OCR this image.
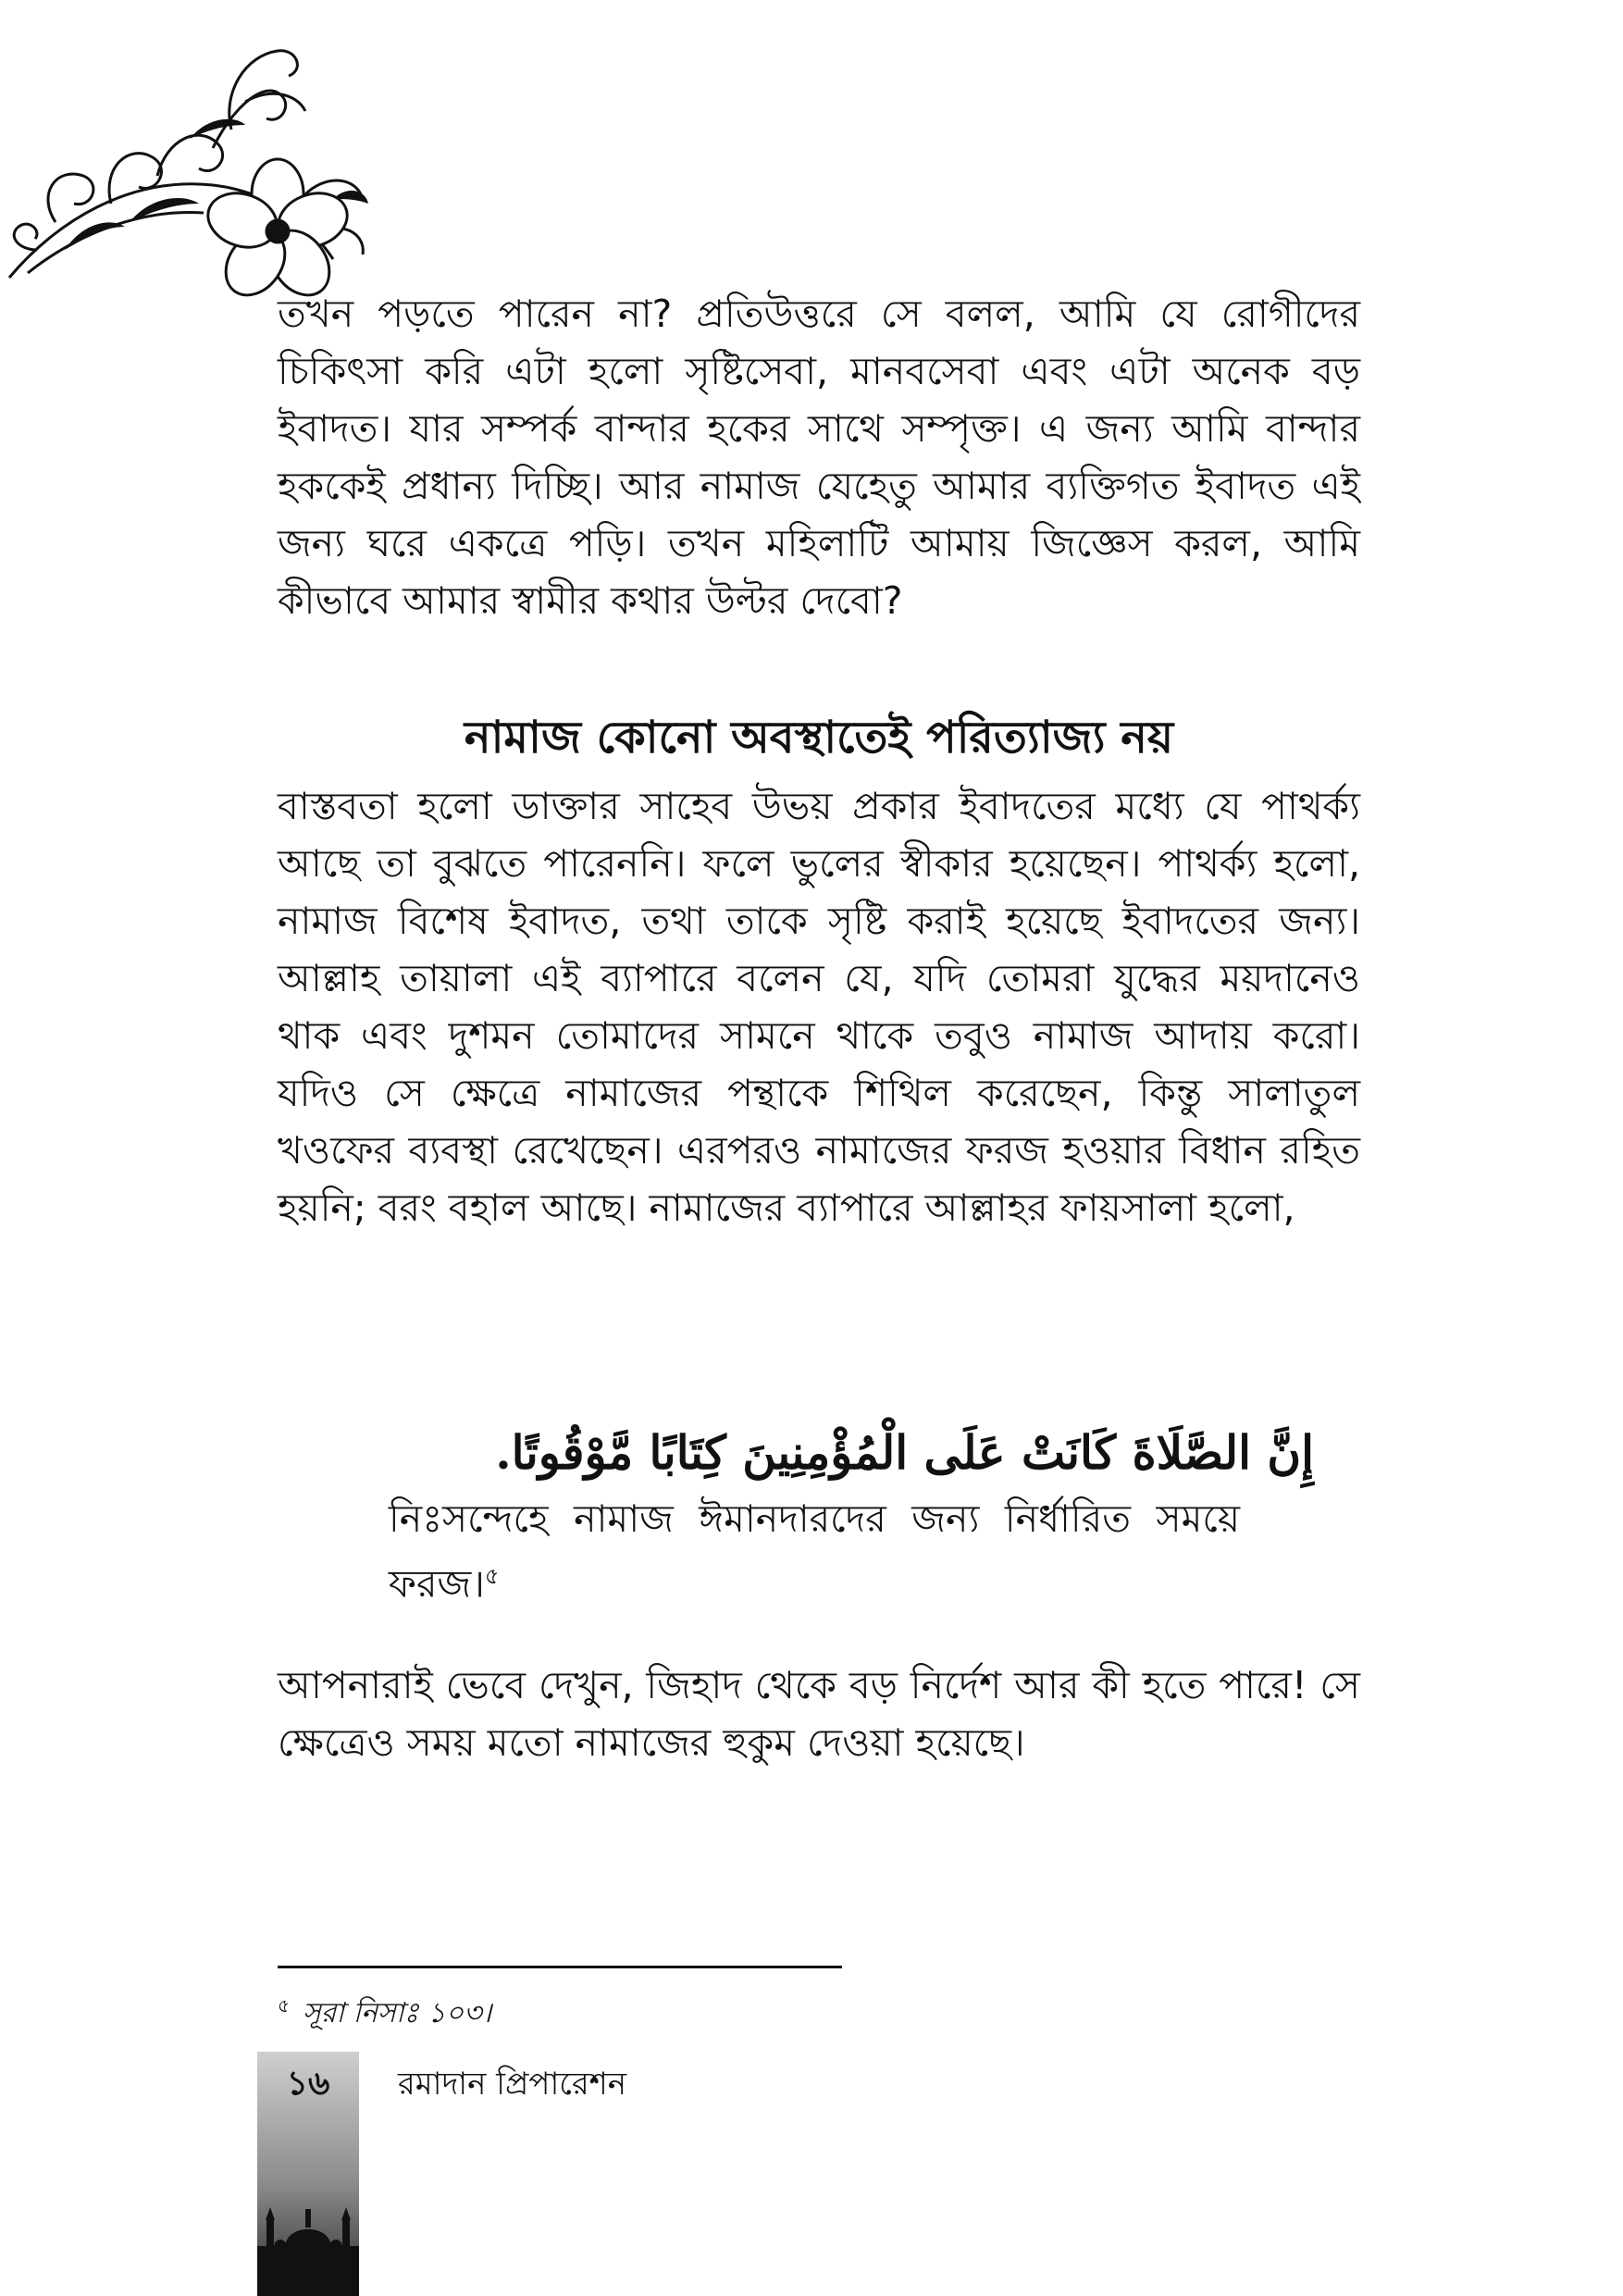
তখন পড়তে পারেন না? প্রতিউত্তরে সে বলল, আমি যে রোগীদের চিকিৎসা করি এটা হলো সৃষ্টিসেবা, মানবসেবা এবং এটা অনেক বড় ইবাদত। যার সম্পর্ক বান্দার হকের সাথে সম্পৃক্ত। এ জন্য আমি বান্দার হককেই প্রধান্য দিচ্ছি। আর নামাজ যেহেতু আমার ব্যক্তিগত ইবাদত এই জন্য ঘরে একত্রে পড়ি। তখন মহিলাটি আমায় জিজ্ঞেস করল, আমি কীভাবে আমার স্বামীর কথার উল্টর দেবো?

নামাজ কোনো অবস্থাতেই পরিত্যাজ্য নয়

বাস্তবতা হলো ডাক্তার সাহেব উভয় প্রকার ইবাদতের মধ্যে যে পাথর্ক্য আছে তা বুঝতে পারেননি। ফলে ভুলের স্বীকার হয়েছেন। পাথর্ক্য হলো, নামাজ বিশেষ ইবাদত, তথা তাকে সৃষ্টি করাই হয়েছে ইবাদতের জন্য। আল্লাহ তায়ালা এই ব্যাপারে বলেন যে, যদি তোমরা যুদ্ধের ময়দানেও থাক এবং দুশমন তোমাদের সামনে থাকে তবুও নামাজ আদায় করো। যদিও সে ক্ষেত্রে নামাজের পন্থাকে শিথিল করেছেন, কিন্তু সালাতুল খওফের ব্যবস্থা রেখেছেন। এরপরও নামাজের ফরজ হওয়ার বিধান রহিত হয়নি; বরং বহাল আছে। নামাজের ব্যাপারে আল্লাহর ফায়সালা হলো,

إِنَّ الصَّلَاةَ كَانَتْ عَلَى الْمُؤْمِنِينَ كِتَابًا مَّوْقُوتًا.
নিঃসন্দেহে নামাজ ঈমানদারদের জন্য নির্ধারিত সময়ে ফরজ।$^৫$

আপনারাই ভেবে দেখুন, জিহাদ থেকে বড় নির্দেশ আর কী হতে পারে! সে ক্ষেত্রেও সময় মতো নামাজের হুকুম দেওয়া হয়েছে।

$^৫$ সূরা নিসাঃ ১০৩।
১৬	রমাদান প্রিপারেশন
